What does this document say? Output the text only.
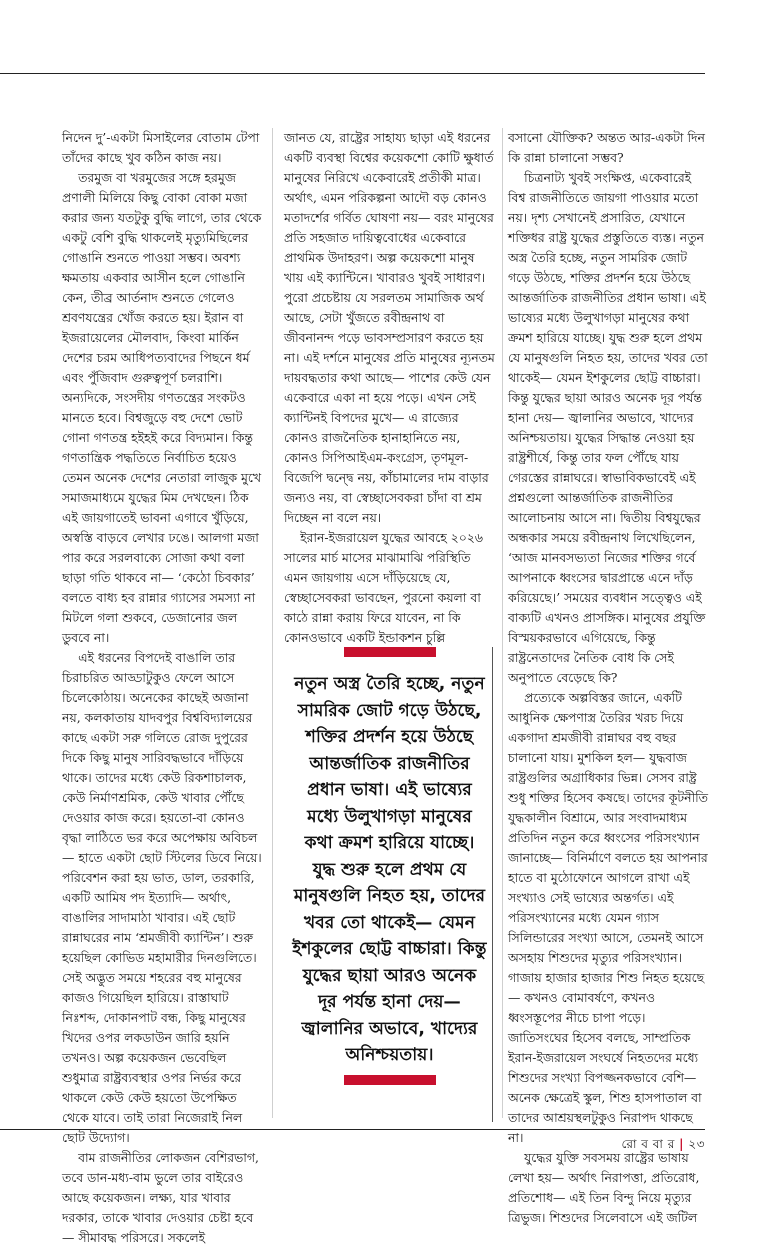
নিদেন দু’-একটা মিসাইলের বোতাম টেপা তাঁদের কাছে খুব কঠিন কাজ নয়।

তরমুজ বা খরমুজের সঙ্গে হরমুজ প্রণালী মিলিয়ে কিছু বোকা বোকা মজা করার জন্য যতটুকু বুদ্ধি লাগে, তার থেকে একটু বেশি বুদ্ধি থাকলেই মৃত্যুমিছিলের গোঙানি শুনতে পাওয়া সম্ভব। অবশ্য ক্ষমতায় একবার আসীন হলে গোঙানি কেন, তীব্র আর্তনাদ শুনতে গেলেও শ্রবণযন্ত্রের খোঁজ করতে হয়। ইরান বা ইজরায়েলের মৌলবাদ, কিংবা মার্কিন দেশের চরম আধিপত্যবাদের পিছনে ধর্ম এবং পুঁজিবাদ গুরুত্বপূর্ণ চলরাশি। অন্যদিকে, সংসদীয় গণতন্ত্রের সংকটও মানতে হবে। বিশ্বজুড়ে বহু দেশে ভোট গোনা গণতন্ত্র হইহই করে বিদ্যমান। কিন্তু গণতান্ত্রিক পদ্ধতিতে নির্বাচিত হয়েও তেমন অনেক দেশের নেতারা লাজুক মুখে সমাজমাধ্যমে যুদ্ধের মিম দেখছেন। ঠিক এই জায়গাতেই ভাবনা এগাবে খুঁড়িয়ে, অস্বস্তি বাড়বে লেখার ঢঙে। আলগা মজা পার করে সরলবাক্যে সোজা কথা বলা ছাড়া গতি থাকবে না— ‘কেঠো চিবকার’ বলতে বাধ্য হব রান্নার গ্যাসের সমস্যা না মিটলে গলা শুকবে, ডেজানোর জল ডুববে না।

এই ধরনের বিপদেই বাঙালি তার চিরাচরিত আড্ডাটুকুও ফেলে আসে চিলেকোঠায়। অনেকের কাছেই অজানা নয়, কলকাতায় যাদবপুর বিশ্ববিদ্যালয়ের কাছে একটা সরু গলিতে রোজ দুপুরের দিকে কিছু মানুষ সারিবদ্ধভাবে দাঁড়িয়ে থাকে। তাদের মধ্যে কেউ রিকশাচালক, কেউ নির্মাণশ্রমিক, কেউ খাবার পৌঁছে দেওয়ার কাজ করে। হয়তো-বা কোনও বৃদ্ধা লাঠিতে ভর করে অপেক্ষায় অবিচল— হাতে একটা ছোট স্টিলের ডিবে নিয়ে। পরিবেশন করা হয় ভাত, ডাল, তরকারি, একটি আমিষ পদ ইত্যাদি— অর্থাৎ, বাঙালির সাদামাঠা খাবার। এই ছোট রান্নাঘরের নাম ‘শ্রমজীবী ক্যান্টিন’। শুরু হয়েছিল কোভিড মহামারীর দিনগুলিতে। সেই অদ্ভুত সময়ে শহরের বহু মানুষের কাজও গিয়েছিল হারিয়ে। রাস্তাঘাট নিঃশব্দ, দোকানপাট বন্ধ, কিছু মানুষের খিদের ওপর লকডাউন জারি হয়নি তখনও। অল্প কয়েকজন ভেবেছিল শুধুমাত্র রাষ্ট্রব্যবস্থার ওপর নির্ভর করে থাকলে কেউ কেউ হয়তো উপেক্ষিত থেকে যাবে। তাই তারা নিজেরাই নিল ছোট উদ্যোগ।

বাম রাজনীতির লোকজন বেশিরভাগ, তবে ডান-মধ্য-বাম ভুলে তার বাইরেও আছে কয়েকজন। লক্ষ্য, যার খাবার দরকার, তাকে খাবার দেওয়ার চেষ্টা হবে— সীমাবদ্ধ পরিসরে। সকলেই

জানত যে, রাষ্ট্রের সাহায্য ছাড়া এই ধরনের একটি ব্যবস্থা বিশ্বের কয়েকশো কোটি ক্ষুধার্ত মানুষের নিরিখে একেবারেই প্রতীকী মাত্র। অর্থাৎ, এমন পরিকল্পনা আদৌ বড় কোনও মতাদর্শের গর্বিত ঘোষণা নয়— বরং মানুষের প্রতি সহজাত দায়িত্ববোধের একেবারে প্রাথমিক উদাহরণ। অল্প কয়েকশো মানুষ খায় এই ক্যান্টিনে। খাবারও খুবই সাধারণ। পুরো প্রচেষ্টায় যে সরলতম সামাজিক অর্থ আছে, সেটা খুঁজতে রবীন্দ্রনাথ বা জীবনানন্দ পড়ে ভাবসম্প্রসারণ করতে হয় না। এই দর্শনে মানুষের প্রতি মানুষের ন্যূনতম দায়বদ্ধতার কথা আছে— পাশের কেউ যেন একেবারে একা না হয়ে পড়ে। এখন সেই ক্যান্টিনই বিপদের মুখে— এ রাজ্যের কোনও রাজনৈতিক হানাহানিতে নয়, কোনও সিপিআইএম-কংগ্রেস, তৃণমূল-বিজেপি দ্বন্দ্বে নয়, কাঁচামালের দাম বাড়ার জন্যও নয়, বা স্বেচ্ছাসেবকরা চাঁদা বা শ্রম দিচ্ছেন না বলে নয়।

ইরান-ইজরায়েল যুদ্ধের আবহে ২০২৬ সালের মার্চ মাসের মাঝামাঝি পরিস্থিতি এমন জায়গায় এসে দাঁড়িয়েছে যে, স্বেচ্ছাসেবকরা ভাবছেন, পুরনো কয়লা বা কাঠে রান্না করায় ফিরে যাবেন, না কি কোনওভাবে একটি ইন্ডাকশন চুল্লি

নতুন অস্ত্র তৈরি হচ্ছে, নতুন সামরিক জোট গড়ে উঠছে, শক্তির প্রদর্শন হয়ে উঠছে আন্তর্জাতিক রাজনীতির প্রধান ভাষা। এই ভাষ্যের মধ্যে উলুখাগড়া মানুষের কথা ক্রমশ হারিয়ে যাচ্ছে। যুদ্ধ শুরু হলে প্রথম যে মানুষগুলি নিহত হয়, তাদের খবর তো থাকেই— যেমন ইশকুলের ছোট্ট বাচ্চারা। কিন্তু যুদ্ধের ছায়া আরও অনেক দূর পর্যন্ত হানা দেয়— জ্বালানির অভাবে, খাদ্যের অনিশ্চয়তায়।

বসানো যৌক্তিক? অন্তত আর-একটা দিন কি রান্না চালানো সম্ভব?

চিত্রনাট্য খুবই সংক্ষিপ্ত, একেবারেই বিশ্ব রাজনীতিতে জায়গা পাওয়ার মতো নয়। দৃশ্য সেখানেই প্রসারিত, যেখানে শক্তিধর রাষ্ট্র যুদ্ধের প্রস্তুতিতে ব্যস্ত। নতুন অস্ত্র তৈরি হচ্ছে, নতুন সামরিক জোট গড়ে উঠছে, শক্তির প্রদর্শন হয়ে উঠছে আন্তর্জাতিক রাজনীতির প্রধান ভাষা। এই ভাষ্যের মধ্যে উলুখাগড়া মানুষের কথা ক্রমশ হারিয়ে যাচ্ছে। যুদ্ধ শুরু হলে প্রথম যে মানুষগুলি নিহত হয়, তাদের খবর তো থাকেই— যেমন ইশকুলের ছোট্ট বাচ্চারা। কিন্তু যুদ্ধের ছায়া আরও অনেক দূর পর্যন্ত হানা দেয়— জ্বালানির অভাবে, খাদ্যের অনিশ্চয়তায়। যুদ্ধের সিদ্ধান্ত নেওয়া হয় রাষ্ট্রশীর্ষে, কিন্তু তার ফল পৌঁছে যায় গেরস্তের রান্নাঘরে। স্বাভাবিকভাবেই এই প্রশ্নগুলো আন্তর্জাতিক রাজনীতির আলোচনায় আসে না। দ্বিতীয় বিশ্বযুদ্ধের অন্ধকার সময়ে রবীন্দ্রনাথ লিখেছিলেন, ‘আজ মানবসভ্যতা নিজের শক্তির গর্বে আপনাকে ধ্বংসের দ্বারপ্রান্তে এনে দাঁড় করিয়েছে।’ সময়ের ব্যবধান সত্ত্বেও এই বাক্যটি এখনও প্রাসঙ্গিক। মানুষের প্রযুক্তি বিস্ময়করভাবে এগিয়েছে, কিন্তু রাষ্ট্রনেতাদের নৈতিক বোধ কি সেই অনুপাতে বেড়েছে কি?

প্রত্যেকে অল্পবিস্তর জানে, একটি আধুনিক ক্ষেপণাস্ত্র তৈরির খরচ দিয়ে একগাদা শ্রমজীবী রান্নাঘর বহু বছর চালানো যায়। মুশকিল হল— যুদ্ধবাজ রাষ্ট্রগুলির অগ্রাধিকার ভিন্ন। সেসব রাষ্ট্র শুধু শক্তির হিসেব কষছে। তাদের কূটনীতি যুদ্ধকালীন বিশ্রামে, আর সংবাদমাধ্যম প্রতিদিন নতুন করে ধ্বংসের পরিসংখ্যান জানাচ্ছে— বিনির্মাণে বলতে হয় আপনার হাতে বা মুঠোফোনে আগলে রাখা এই সংখ্যাও সেই ভাষ্যের অন্তর্গত। এই পরিসংখ্যানের মধ্যে যেমন গ্যাস সিলিন্ডারের সংখ্যা আসে, তেমনই আসে অসহায় শিশুদের মৃত্যুর পরিসংখ্যান। গাজায় হাজার হাজার শিশু নিহত হয়েছে— কখনও বোমাবর্ষণে, কখনও ধ্বংসস্তূপের নীচে চাপা পড়ে। জাতিসংঘের হিসেব বলছে, সাম্প্রতিক ইরান-ইজরায়েল সংঘর্ষে নিহতদের মধ্যে শিশুদের সংখ্যা বিপজ্জনকভাবে বেশি— অনেক ক্ষেত্রেই স্কুল, শিশু হাসপাতাল বা তাদের আশ্রয়স্থলটুকুও নিরাপদ থাকছে না।

যুদ্ধের যুক্তি সবসময় রাষ্ট্রের ভাষায় লেখা হয়— অর্থাৎ নিরাপত্তা, প্রতিরোধ, প্রতিশোধ— এই তিন বিন্দু নিয়ে মৃত্যুর ত্রিভুজ। শিশুদের সিলেবাসে এই জটিল

রো ব বা র | ২৩
